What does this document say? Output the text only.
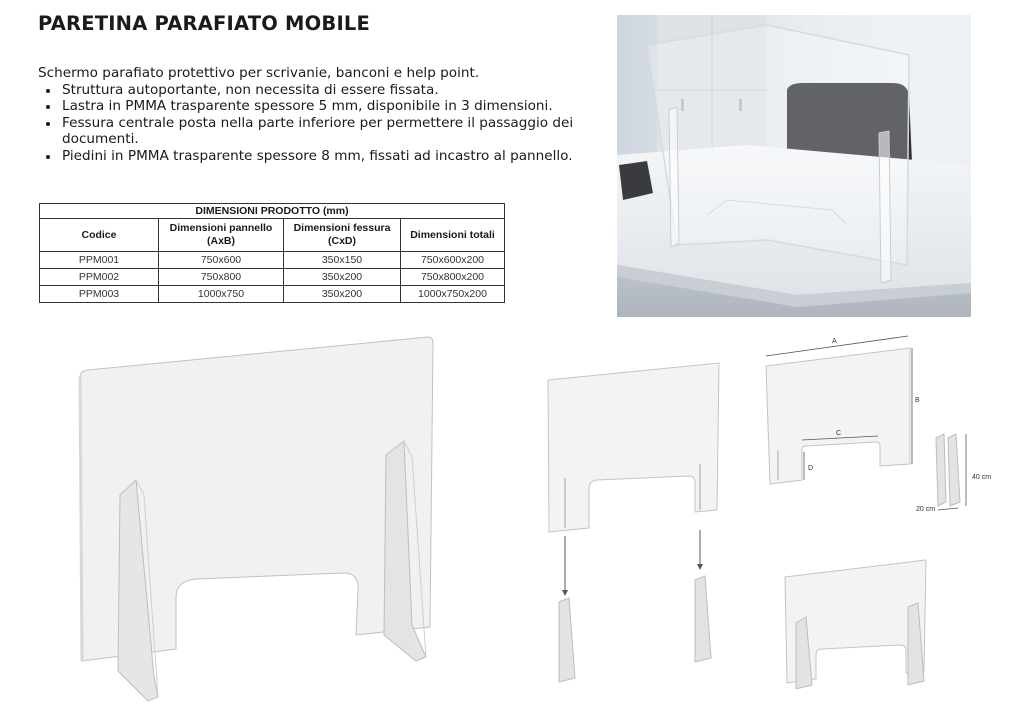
PARETINA PARAFIATO MOBILE
Schermo parafiato protettivo per scrivanie, banconi e help point.
• Struttura autoportante, non necessita di essere fissata.
• Lastra in PMMA trasparente spessore 5 mm, disponibile in 3 dimensioni.
• Fessura centrale posta nella parte inferiore per permettere il passaggio dei documenti.
• Piedini in PMMA trasparente spessore 8 mm, fissati ad incastro al pannello.
DIMENSIONI PRODOTTO (mm)			
Codice	Dimensioni pannello (AxB)	Dimensioni fessura (CxD)	Dimensioni totali
PPM001	750x600	350x150	750x600x200
PPM002	750x800	350x200	750x800x200
PPM003	1000x750	350x200	1000x750x200
A
B
C
D
40 cm
20 cm
